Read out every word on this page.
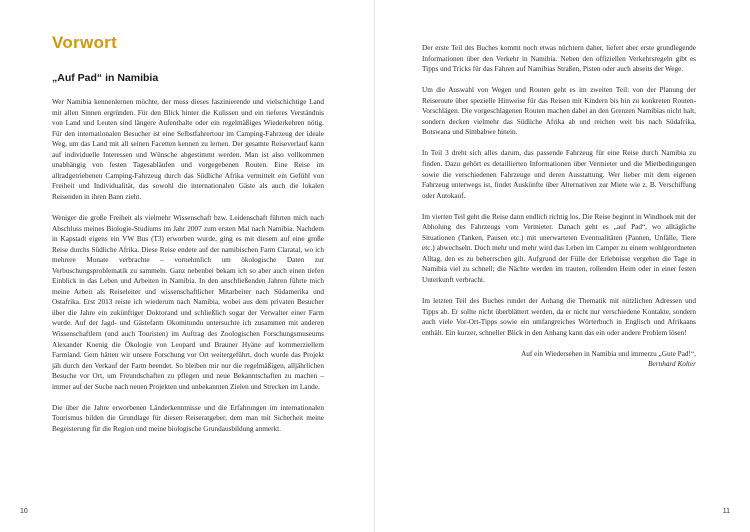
Vorwort
„Auf Pad“ in Namibia

Wer Namibia kennenlernen möchte, der muss dieses faszinierende und vielschichtige Land mit allen Sinnen ergründen. Für den Blick hinter die Kulissen und ein tieferes Verständnis von Land und Leuten sind längere Aufenthalte oder ein regelmäßiges Wiederkehren nötig. Für den internationalen Besucher ist eine Selbstfahrertour im Camping-Fahrzeug der ideale Weg, um das Land mit all seinen Facetten kennen zu lernen. Der gesamte Reiseverlauf kann auf individuelle Interessen und Wünsche abgestimmt werden. Man ist also vollkommen unabhängig von festen Tagesabläufen und vorgegebenen Routen. Eine Reise im allradgetriebenen Camping-Fahrzeug durch das Südliche Afrika vermittelt ein Gefühl von Freiheit und Individualität, das sowohl die internationalen Gäste als auch die lokalen Reisenden in ihren Bann zieht.

Weniger die große Freiheit als vielmehr Wissenschaft bzw. Leidenschaft führten mich nach Abschluss meines Biologie-Studiums im Jahr 2007 zum ersten Mal nach Namibia. Nachdem in Kapstadt eigens ein VW Bus (T3) erworben wurde, ging es mit diesem auf eine große Reise durchs Südliche Afrika. Diese Reise endete auf der namibischen Farm Claratal, wo ich mehrere Monate verbrachte – vornehmlich um ökologische Daten zur Verbuschungsproblematik zu sammeln. Ganz nebenbei bekam ich so aber auch einen tiefen Einblick in das Leben und Arbeiten in Namibia. In den anschließenden Jahren führte mich meine Arbeit als Reiseleiter und wissenschaftlicher Mitarbeiter nach Südamerika und Ostafrika. Erst 2013 reiste ich wiederum nach Namibia, wobei aus dem privaten Besucher über die Jahre ein zukünftiger Doktorand und schließlich sogar der Verwalter einer Farm wurde. Auf der Jagd- und Gästefarm Okomitundu untersuchte ich zusammen mit anderen Wissenschaftlern (und auch Touristen) im Auftrag des Zoologischen Forschungsmuseums Alexander Koenig die Ökologie von Leopard und Brauner Hyäne auf kommerziellem Farmland. Gern hätten wir unsere Forschung vor Ort weitergeführt, doch wurde das Projekt jäh durch den Verkauf der Farm beendet. So bleiben mir nur die regelmäßigen, alljährlichen Besuche vor Ort, um Freundschaften zu pflegen und neue Bekanntschaften zu machen – immer auf der Suche nach neuen Projekten und unbekannten Zielen und Strecken im Lande.

Die über die Jahre erworbenen Länderkenntnisse und die Erfahrungen im internationalen Tourismus bilden die Grundlage für diesen Reiseratgeber, dem man mit Sicherheit meine Begeisterung für die Region und meine biologische Grundausbildung anmerkt.

10

Der erste Teil des Buches kommt noch etwas nüchtern daher, liefert aber erste grundlegende Informationen über den Verkehr in Namibia. Neben den offiziellen Verkehrsregeln gibt es Tipps und Tricks für das Fahren auf Namibias Straßen, Pisten oder auch abseits der Wege.

Um die Auswahl von Wegen und Routen geht es im zweiten Teil: von der Planung der Reiseroute über spezielle Hinweise für das Reisen mit Kindern bis hin zu konkreten Routen-Vorschlägen. Die vorgeschlagenen Routen machen dabei an den Grenzen Namibias nicht halt, sondern decken vielmehr das Südliche Afrika ab und reichen weit bis nach Südafrika, Botswana und Simbabwe hinein.

In Teil 3 dreht sich alles darum, das passende Fahrzeug für eine Reise durch Namibia zu finden. Dazu gehört es detaillierten Informationen über Vermieter und die Mietbedingungen sowie die verschiedenen Fahrzeuge und deren Ausstattung. Wer lieber mit dem eigenen Fahrzeug unterwegs ist, findet Auskünfte über Alternativen zur Miete wie z. B. Verschiffung oder Autokauf.

Im vierten Teil geht die Reise dann endlich richtig los. Die Reise beginnt in Windhoek mit der Abholung des Fahrzeugs vom Vermieter. Danach geht es „auf Pad“, wo alltägliche Situationen (Tanken, Pausen etc.) mit unerwarteten Eventualitäten (Pannen, Unfälle, Tiere etc.) abwechseln. Doch mehr und mehr wird das Leben im Camper zu einem wohlgeordneten Alltag, den es zu beherrschen gilt. Aufgrund der Fülle der Erlebnisse vergehen die Tage in Namibia viel zu schnell; die Nächte werden im trauten, rollenden Heim oder in einer festen Unterkunft verbracht.

Im letzten Teil des Buches rundet der Anhang die Thematik mit nützlichen Adressen und Tipps ab. Er sollte nicht überblättert werden, da er nicht nur verschiedene Kontakte, sondern auch viele Vor-Ort-Tipps sowie ein umfangreiches Wörterbuch in Englisch und Afrikaans enthält. Ein kurzer, schneller Blick in den Anhang kann das ein oder andere Problem lösen!

Auf ein Wiedersehen in Namibia und immerzu „Gute Pad!“,

Bernhard Kolter

11
